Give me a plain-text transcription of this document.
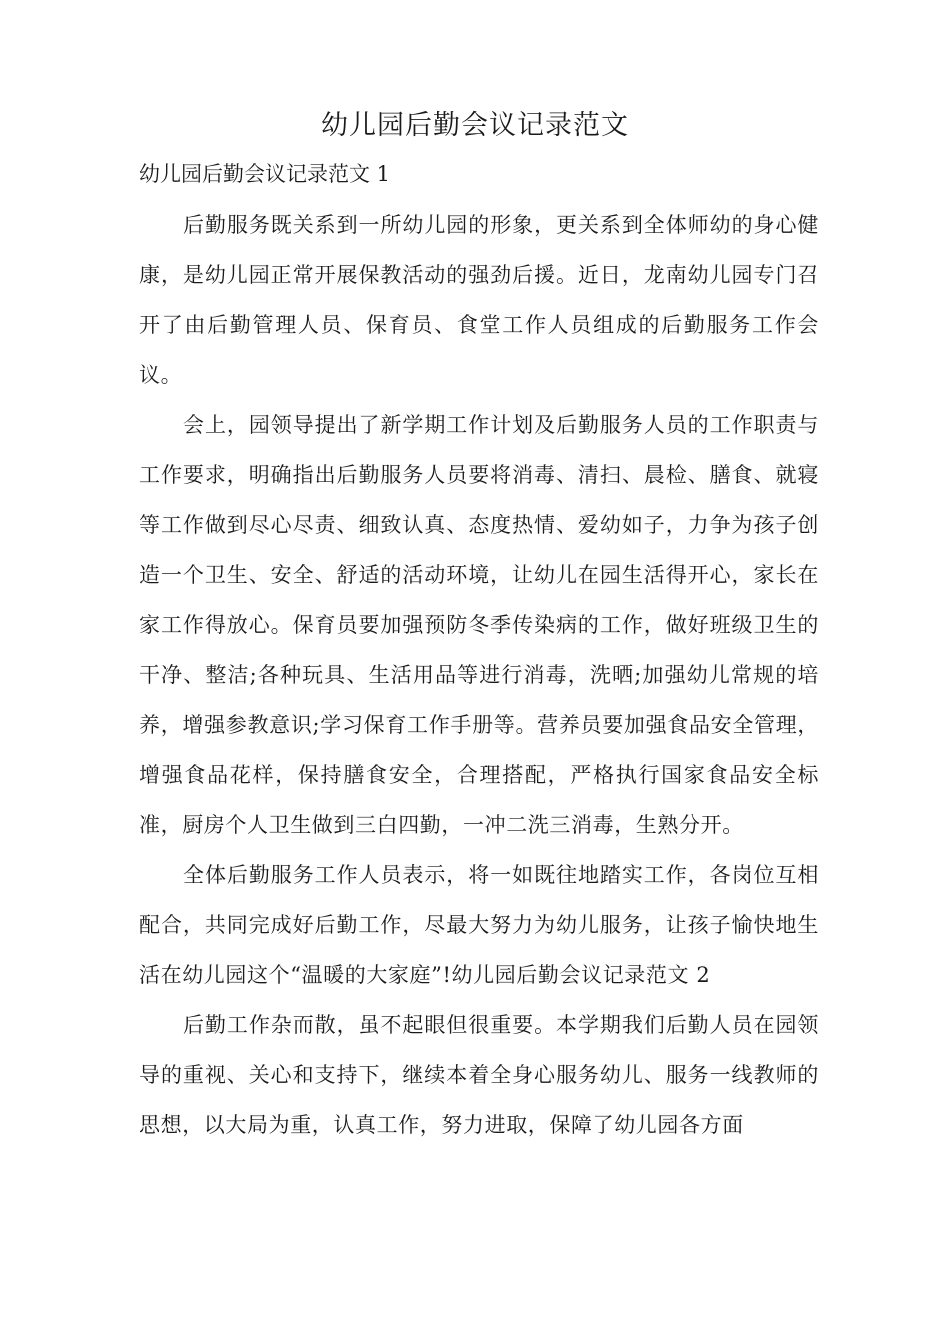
幼儿园后勤会议记录范文
幼儿园后勤会议记录范文 1

后勤服务既关系到一所幼儿园的形象，更关系到全体师幼的身心健康，是幼儿园正常开展保教活动的强劲后援。近日，龙南幼儿园专门召开了由后勤管理人员、保育员、食堂工作人员组成的后勤服务工作会议。

会上，园领导提出了新学期工作计划及后勤服务人员的工作职责与工作要求，明确指出后勤服务人员要将消毒、清扫、晨检、膳食、就寝等工作做到尽心尽责、细致认真、态度热情、爱幼如子，力争为孩子创造一个卫生、安全、舒适的活动环境，让幼儿在园生活得开心，家长在家工作得放心。保育员要加强预防冬季传染病的工作，做好班级卫生的干净、整洁;各种玩具、生活用品等进行消毒，洗晒;加强幼儿常规的培养，增强参教意识;学习保育工作手册等。营养员要加强食品安全管理，增强食品花样，保持膳食安全，合理搭配，严格执行国家食品安全标准，厨房个人卫生做到三白四勤，一冲二洗三消毒，生熟分开。

全体后勤服务工作人员表示，将一如既往地踏实工作，各岗位互相配合，共同完成好后勤工作，尽最大努力为幼儿服务，让孩子愉快地生活在幼儿园这个“温暖的大家庭”!幼儿园后勤会议记录范文 2

后勤工作杂而散，虽不起眼但很重要。本学期我们后勤人员在园领导的重视、关心和支持下，继续本着全身心服务幼儿、服务一线教师的思想，以大局为重，认真工作，努力进取，保障了幼儿园各方面
